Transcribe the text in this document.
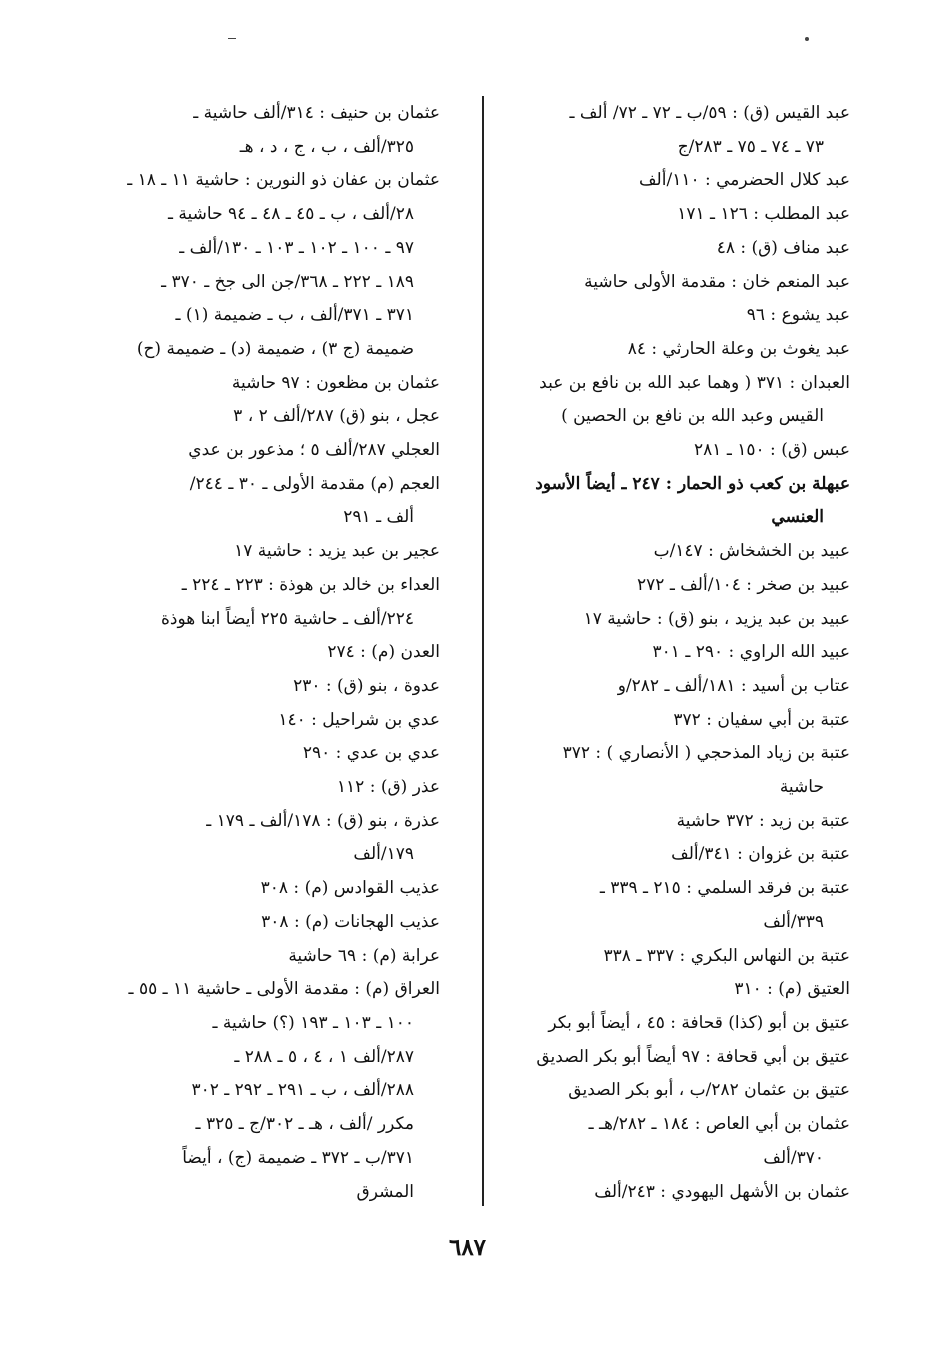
عبد القيس (ق) : ٥٩/ب ـ ٧٢ ـ ٧٢/ ألف ـ
٧٣ ـ ٧٤ ـ ٧٥ ـ ٢٨٣/ج
عبد كلال الحضرمي : ١١٠/ألف
عبد المطلب : ١٢٦ ـ ١٧١
عبد مناف (ق) : ٤٨
عبد المنعم خان : مقدمة الأولى حاشية
عبد يشوع : ٩٦
عبد يغوث بن وعلة الحارثي : ٨٤
العبدان : ٣٧١ ( وهما عبد الله بن نافع بن عبد
القيس وعبد الله بن نافع بن الحصين )
عبس (ق) : ١٥٠ ـ ٢٨١
عبهلة بن كعب ذو الحمار : ٢٤٧ ـ أيضاً الأسود
العنسي
عبيد بن الخشخاش : ١٤٧/ب
عبيد بن صخر : ١٠٤/ألف ـ ٢٧٢
عبيد بن عبد يزيد ، بنو (ق) : حاشية ١٧
عبيد الله الراوي : ٢٩٠ ـ ٣٠١
عتاب بن أسيد : ١٨١/ألف ـ ٢٨٢/و
عتبة بن أبي سفيان : ٣٧٢
عتبة بن زياد المذحجي ( الأنصاري ) : ٣٧٢
حاشية
عتبة بن زيد : ٣٧٢ حاشية
عتبة بن غزوان : ٣٤١/ألف
عتبة بن فرقد السلمي : ٢١٥ ـ ٣٣٩ ـ
٣٣٩/ألف
عتبة بن النهاس البكري : ٣٣٧ ـ ٣٣٨
العتيق (م) : ٣١٠
عتيق بن أبو (كذا) قحافة : ٤٥ ، أيضاً أبو بكر
عتيق بن أبي قحافة : ٩٧ أيضاً أبو بكر الصديق
عتيق بن عثمان ٢٨٢/ب ، أبو بكر الصديق
عثمان بن أبي العاص : ١٨٤ ـ ٢٨٢/هـ ـ
٣٧٠/ألف
عثمان بن الأشهل اليهودي : ٢٤٣/ألف
عثمان بن حنيف : ٣١٤/ألف حاشية ـ
٣٢٥/ألف ، ب ، ج ، د ، هـ
عثمان بن عفان ذو النورين : حاشية ١١ ـ ١٨ ـ
٢٨/ألف ، ب ـ ٤٥ ـ ٤٨ ـ ٩٤ حاشية ـ
٩٧ ـ ١٠٠ ـ ١٠٢ ـ ١٠٣ ـ ١٣٠/ألف ـ
١٨٩ ـ ٢٢٢ ـ ٣٦٨/جن الى جخ ـ ٣٧٠ ـ
٣٧١ ـ ٣٧١/ألف ، ب ـ ضميمة (١) ـ
ضميمة (ج ٣) ، ضميمة (د) ـ ضميمة (ح)
عثمان بن مظعون : ٩٧ حاشية
عجل ، بنو (ق) ٢٨٧/ألف ٢ ، ٣
العجلي ٢٨٧/ألف ٥ ؛ مذعور بن عدي
العجم (م) مقدمة الأولى ـ ٣٠ ـ ٢٤٤/
ألف ـ ٢٩١
عجير بن عبد يزيد : حاشية ١٧
العداء بن خالد بن هوذة : ٢٢٣ ـ ٢٢٤ ـ
٢٢٤/ألف ـ حاشية ٢٢٥ أيضاً ابنا هوذة
العدن (م) : ٢٧٤
عدوة ، بنو (ق) : ٢٣٠
عدي بن شراحيل : ١٤٠
عدي بن عدي : ٢٩٠
عذر (ق) : ١١٢
عذرة ، بنو (ق) : ١٧٨/ألف ـ ١٧٩ ـ
١٧٩/ألف
عذيب القوادس (م) : ٣٠٨
عذيب الهجانات (م) : ٣٠٨
عرابة (م) : ٦٩ حاشية
العراق (م) : مقدمة الأولى ـ حاشية ١١ ـ ٥٥ ـ
١٠٠ ـ ١٠٣ ـ ١٩٣ (؟) حاشية ـ
٢٨٧/ألف ١ ، ٤ ، ٥ ـ ٢٨٨ ـ
٢٨٨/ألف ، ب ـ ٢٩١ ـ ٢٩٢ ـ ٣٠٢
مكرر /ألف ، هـ ـ ٣٠٢/ج ـ ٣٢٥ ـ
٣٧١/ب ـ ٣٧٢ ـ ضميمة (ج) ، أيضاً
المشرق
٦٨٧
